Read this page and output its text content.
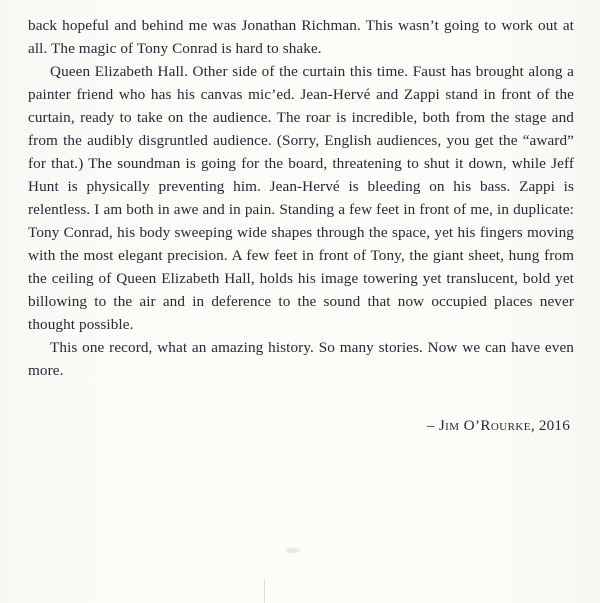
back hopeful and behind me was Jonathan Richman. This wasn’t going to work out at all. The magic of Tony Conrad is hard to shake.

Queen Elizabeth Hall. Other side of the curtain this time. Faust has brought along a painter friend who has his canvas mic’ed. Jean-Hervé and Zappi stand in front of the curtain, ready to take on the audience. The roar is incredible, both from the stage and from the audibly disgruntled audience. (Sorry, English audiences, you get the “award” for that.) The soundman is going for the board, threatening to shut it down, while Jeff Hunt is physically preventing him. Jean-Hervé is bleeding on his bass. Zappi is relentless. I am both in awe and in pain. Standing a few feet in front of me, in duplicate: Tony Conrad, his body sweeping wide shapes through the space, yet his fingers moving with the most elegant precision. A few feet in front of Tony, the giant sheet, hung from the ceiling of Queen Elizabeth Hall, holds his image towering yet translucent, bold yet billowing to the air and in deference to the sound that now occupied places never thought possible.

This one record, what an amazing history. So many stories. Now we can have even more.

– Jim O’Rourke, 2016
